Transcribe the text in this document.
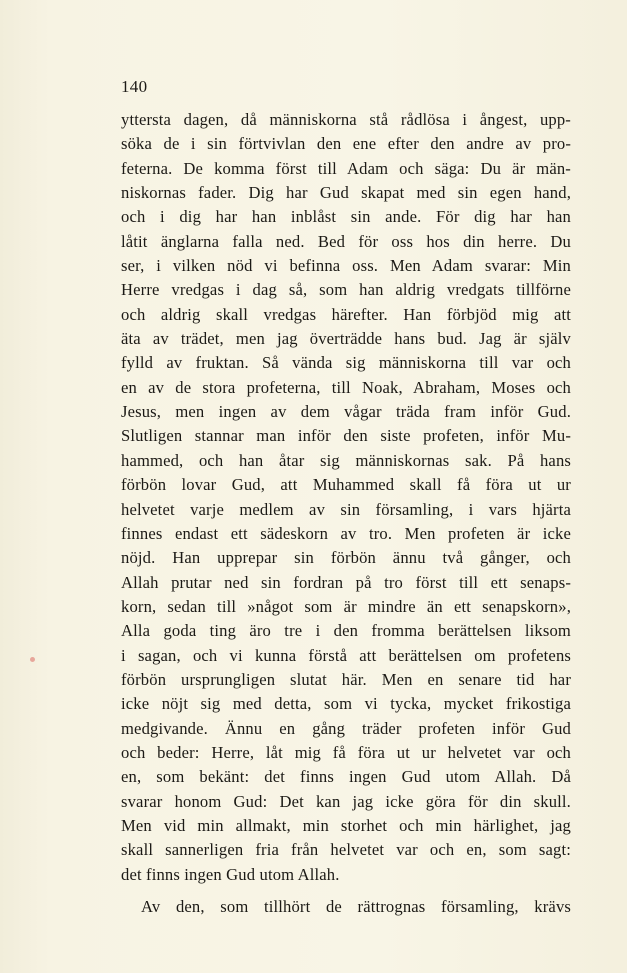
140
yttersta dagen, då människorna stå rådlösa i ångest, upp-
söka de i sin förtvivlan den ene efter den andre av pro-
feterna. De komma först till Adam och säga: Du är män-
niskornas fader. Dig har Gud skapat med sin egen hand,
och i dig har han inblåst sin ande. För dig har han
låtit änglarna falla ned. Bed för oss hos din herre. Du
ser, i vilken nöd vi befinna oss. Men Adam svarar: Min
Herre vredgas i dag så, som han aldrig vredgats tillförne
och aldrig skall vredgas härefter. Han förbjöd mig att
äta av trädet, men jag överträdde hans bud. Jag är själv
fylld av fruktan. Så vända sig människorna till var och
en av de stora profeterna, till Noak, Abraham, Moses och
Jesus, men ingen av dem vågar träda fram inför Gud.
Slutligen stannar man inför den siste profeten, inför Mu-
hammed, och han åtar sig människornas sak. På hans
förbön lovar Gud, att Muhammed skall få föra ut ur
helvetet varje medlem av sin församling, i vars hjärta
finnes endast ett sädeskorn av tro. Men profeten är icke
nöjd. Han upprepar sin förbön ännu två gånger, och
Allah prutar ned sin fordran på tro först till ett senaps-
korn, sedan till »något som är mindre än ett senapskorn»,
Alla goda ting äro tre i den fromma berättelsen liksom
i sagan, och vi kunna förstå att berättelsen om profetens
förbön ursprungligen slutat här. Men en senare tid har
icke nöjt sig med detta, som vi tycka, mycket frikostiga
medgivande. Ännu en gång träder profeten inför Gud
och beder: Herre, låt mig få föra ut ur helvetet var och
en, som bekänt: det finns ingen Gud utom Allah. Då
svarar honom Gud: Det kan jag icke göra för din skull.
Men vid min allmakt, min storhet och min härlighet, jag
skall sannerligen fria från helvetet var och en, som sagt:
det finns ingen Gud utom Allah.
Av den, som tillhört de rättrognas församling, krävs
